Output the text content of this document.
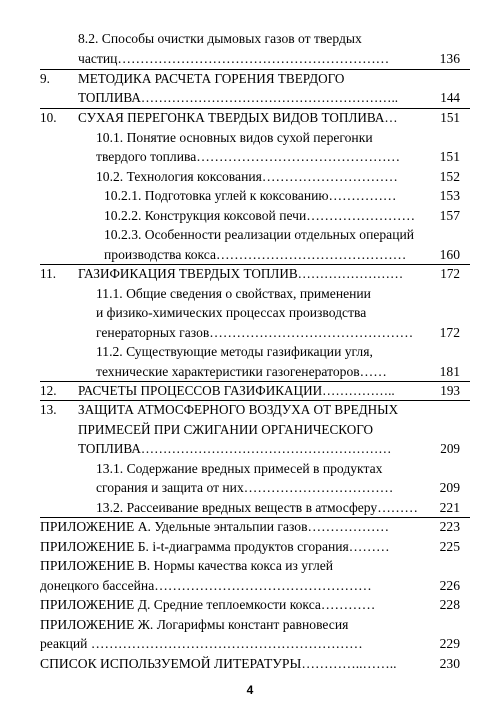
8.2. Способы очистки дымовых газов от твердых
частиц……………………………………………………	136
9.	МЕТОДИКА РАСЧЕТА ГОРЕНИЯ ТВЕРДОГО
ТОПЛИВА…………………………………………………..	144
10.	СУХАЯ ПЕРЕГОНКА ТВЕРДЫХ ВИДОВ ТОПЛИВА…	151
10.1. Понятие основных видов сухой перегонки
твердого топлива………………………………………	151
10.2. Технология коксования…………………………	152
10.2.1. Подготовка углей к коксованию……………	153
10.2.2. Конструкция коксовой печи……………………	157
10.2.3. Особенности реализации отдельных операций
производства кокса……………………………………	160
11.	ГАЗИФИКАЦИЯ ТВЕРДЫХ ТОПЛИВ……………………	172
11.1. Общие сведения о свойствах, применении
и физико-химических процессах производства
генераторных газов………………………………………	172
11.2. Существующие методы газификации угля,
технические характеристики газогенераторов……	181
12.	РАСЧЕТЫ ПРОЦЕССОВ ГАЗИФИКАЦИИ……………..	193
13.	ЗАЩИТА АТМОСФЕРНОГО ВОЗДУХА ОТ ВРЕДНЫХ
ПРИМЕСЕЙ ПРИ СЖИГАНИИ ОРГАНИЧЕСКОГО
ТОПЛИВА…………………………………………………	209
13.1. Содержание вредных примесей в продуктах
сгорания и защита от них……………………………	209
13.2. Рассеивание вредных веществ в атмосферу………	221
ПРИЛОЖЕНИЕ А. Удельные энтальпии газов………………	223
ПРИЛОЖЕНИЕ Б. i-t-диаграмма продуктов сгорания………	225
ПРИЛОЖЕНИЕ В. Нормы качества кокса из углей
донецкого бассейна…………………………………………	226
ПРИЛОЖЕНИЕ Д. Средние теплоемкости кокса…………	228
ПРИЛОЖЕНИЕ Ж. Логарифмы констант равновесия
реакций ……………………………………………………	229
СПИСОК ИСПОЛЬЗУЕМОЙ ЛИТЕРАТУРЫ…………..……..	230
4
